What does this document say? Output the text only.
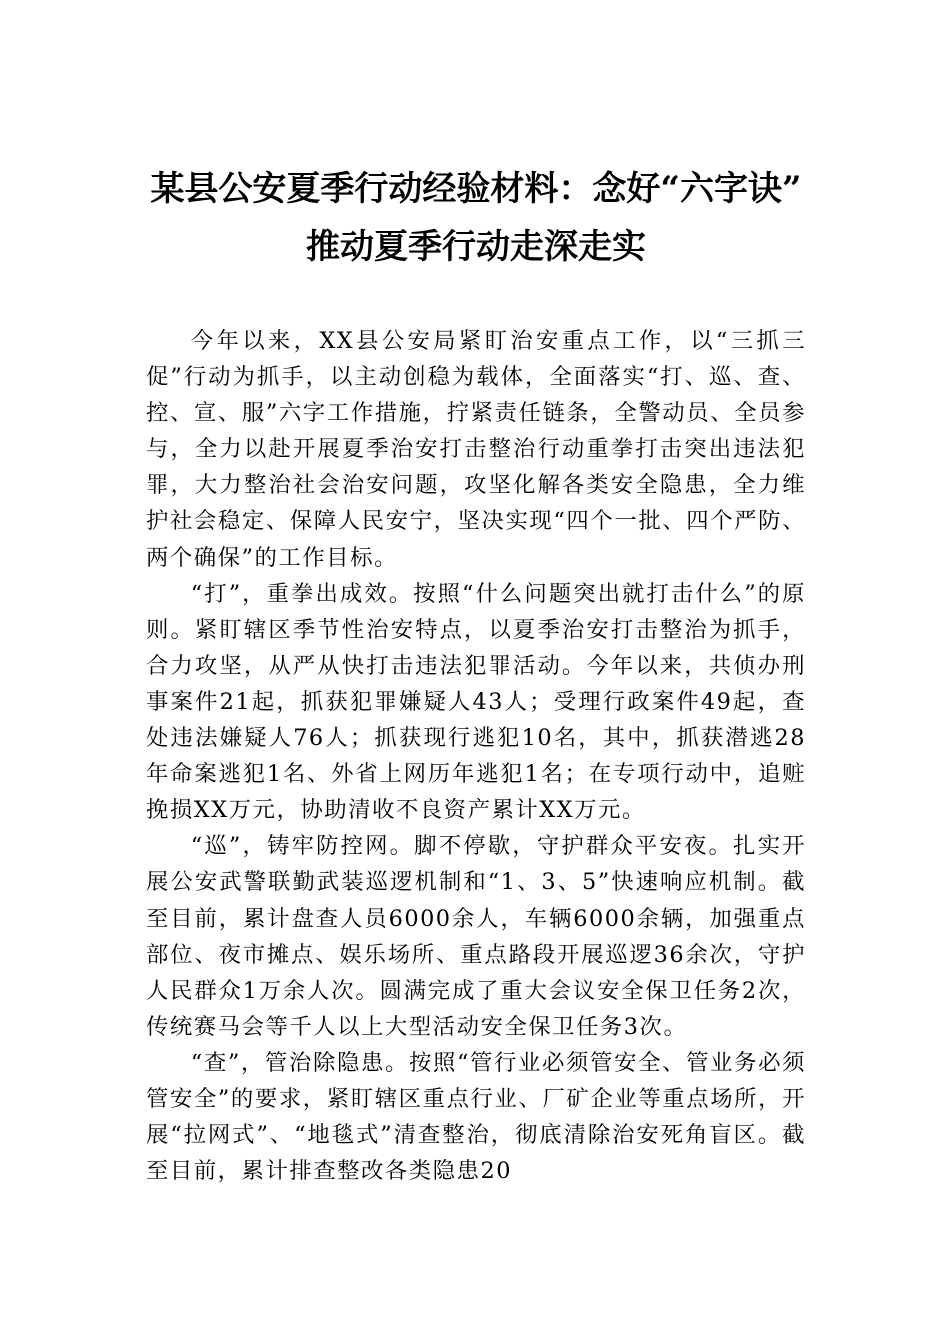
某县公安夏季行动经验材料：念好“六字诀” 推动夏季行动走深走实

今年以来，XX县公安局紧盯治安重点工作，以“三抓三促”行动为抓手，以主动创稳为载体，全面落实“打、巡、查、控、宣、服”六字工作措施，拧紧责任链条，全警动员、全员参与，全力以赴开展夏季治安打击整治行动重拳打击突出违法犯罪，大力整治社会治安问题，攻坚化解各类安全隐患，全力维护社会稳定、保障人民安宁，坚决实现“四个一批、四个严防、两个确保”的工作目标。

“打”，重拳出成效。按照“什么问题突出就打击什么”的原则。紧盯辖区季节性治安特点，以夏季治安打击整治为抓手，合力攻坚，从严从快打击违法犯罪活动。今年以来，共侦办刑事案件21起，抓获犯罪嫌疑人43人；受理行政案件49起，查处违法嫌疑人76人；抓获现行逃犯10名，其中，抓获潜逃28年命案逃犯1名、外省上网历年逃犯1名；在专项行动中，追赃挽损XX万元，协助清收不良资产累计XX万元。

“巡”，铸牢防控网。脚不停歇，守护群众平安夜。扎实开展公安武警联勤武装巡逻机制和“1、3、5”快速响应机制。截至目前，累计盘查人员6000余人，车辆6000余辆，加强重点部位、夜市摊点、娱乐场所、重点路段开展巡逻36余次，守护人民群众1万余人次。圆满完成了重大会议安全保卫任务2次，传统赛马会等千人以上大型活动安全保卫任务3次。

“查”，管治除隐患。按照“管行业必须管安全、管业务必须管安全”的要求，紧盯辖区重点行业、厂矿企业等重点场所，开展“拉网式”、“地毯式”清查整治，彻底清除治安死角盲区。截至目前，累计排查整改各类隐患20
